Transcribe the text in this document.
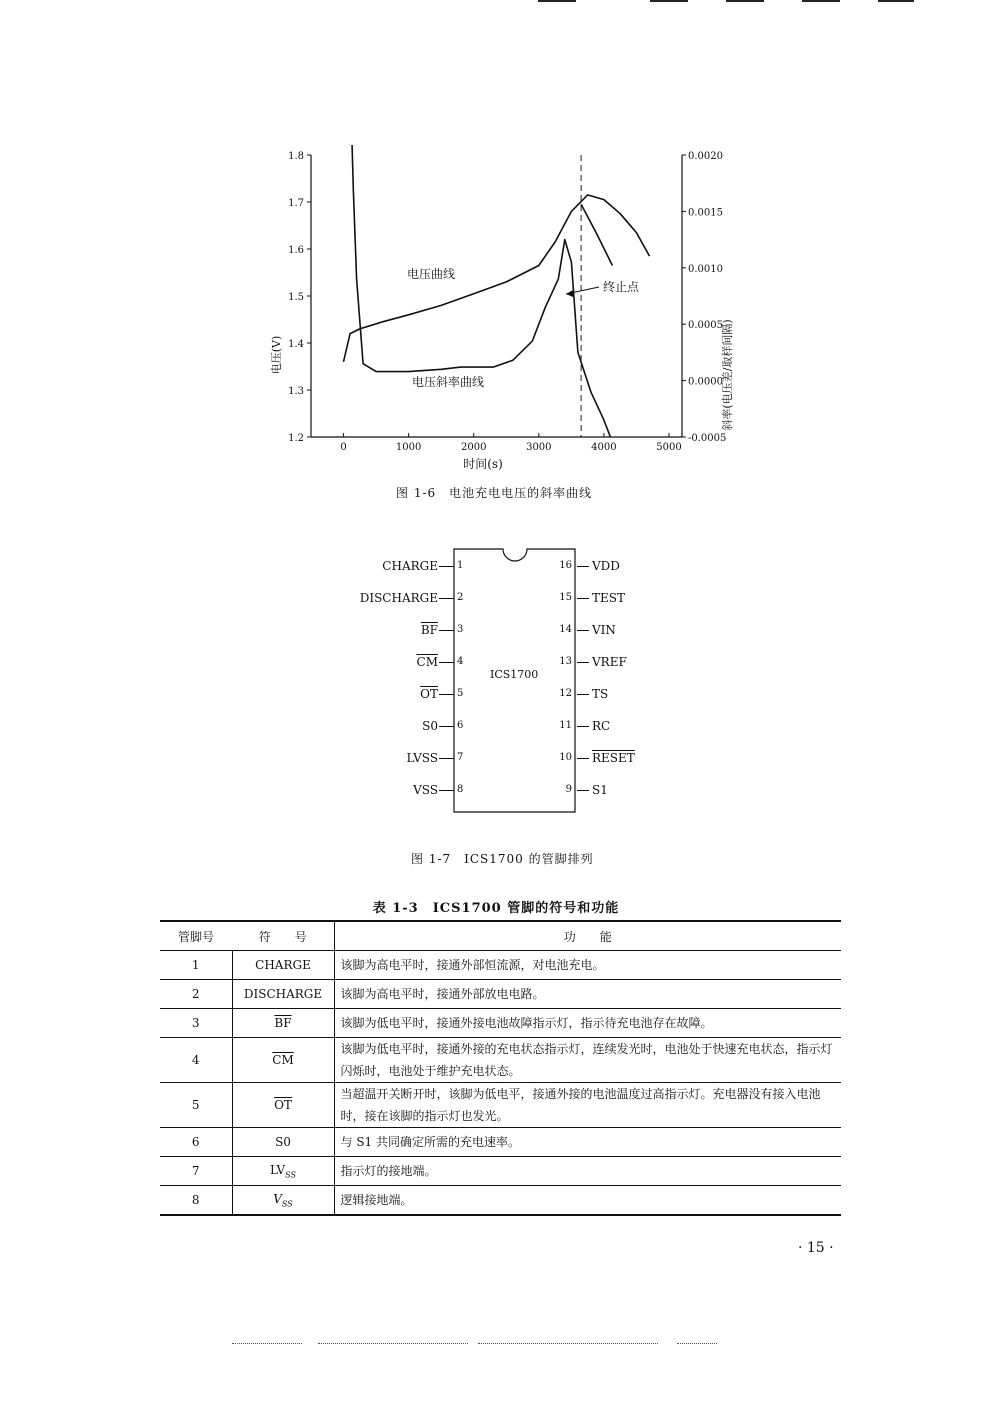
0	1000	2000	3000	4000	5000
1.8
1.7
1.6
1.5
1.4
1.3
1.2
0.0020
0.0015
0.0010
0.0005
0.0000
-0.0005
电压(V)	斜率(电压差/取样间隔)
时间(s)
电压曲线
电压斜率曲线
终止点
图 1-6　电池充电电压的斜率曲线
ICS1700
CHARGE 1
DISCHARGE 2
$\overline{BF}$ 3
$\overline{CM}$ 4
$\overline{OT}$ 5
S0 6
LVSS 7
VSS 8
16 VDD
15 TEST
14 VIN
13 VREF
12 TS
11 RC
10 RESET
9 S1
图 1-7　ICS1700 的管脚排列
表 1-3　ICS1700 管脚的符号和功能
管脚号	符　　号	功　　能
1	CHARGE	该脚为高电平时，接通外部恒流源，对电池充电。
2	DISCHARGE	该脚为高电平时，接通外部放电电路。
3	$\overline{BF}$	该脚为低电平时，接通外接电池故障指示灯，指示待充电池存在故障。
4	$\overline{CM}$	该脚为低电平时，接通外接的充电状态指示灯，连续发光时，电池处于快速充电状态，指示灯闪烁时，电池处于维护充电状态。
5	$\overline{OT}$	当超温开关断开时，该脚为低电平，接通外接的电池温度过高指示灯。充电器没有接入电池时，接在该脚的指示灯也发光。
6	S0	与 S1 共同确定所需的充电速率。
7	$LV_{SS}$	指示灯的接地端。
8	$V_{SS}$	逻辑接地端。
· 15 ·
